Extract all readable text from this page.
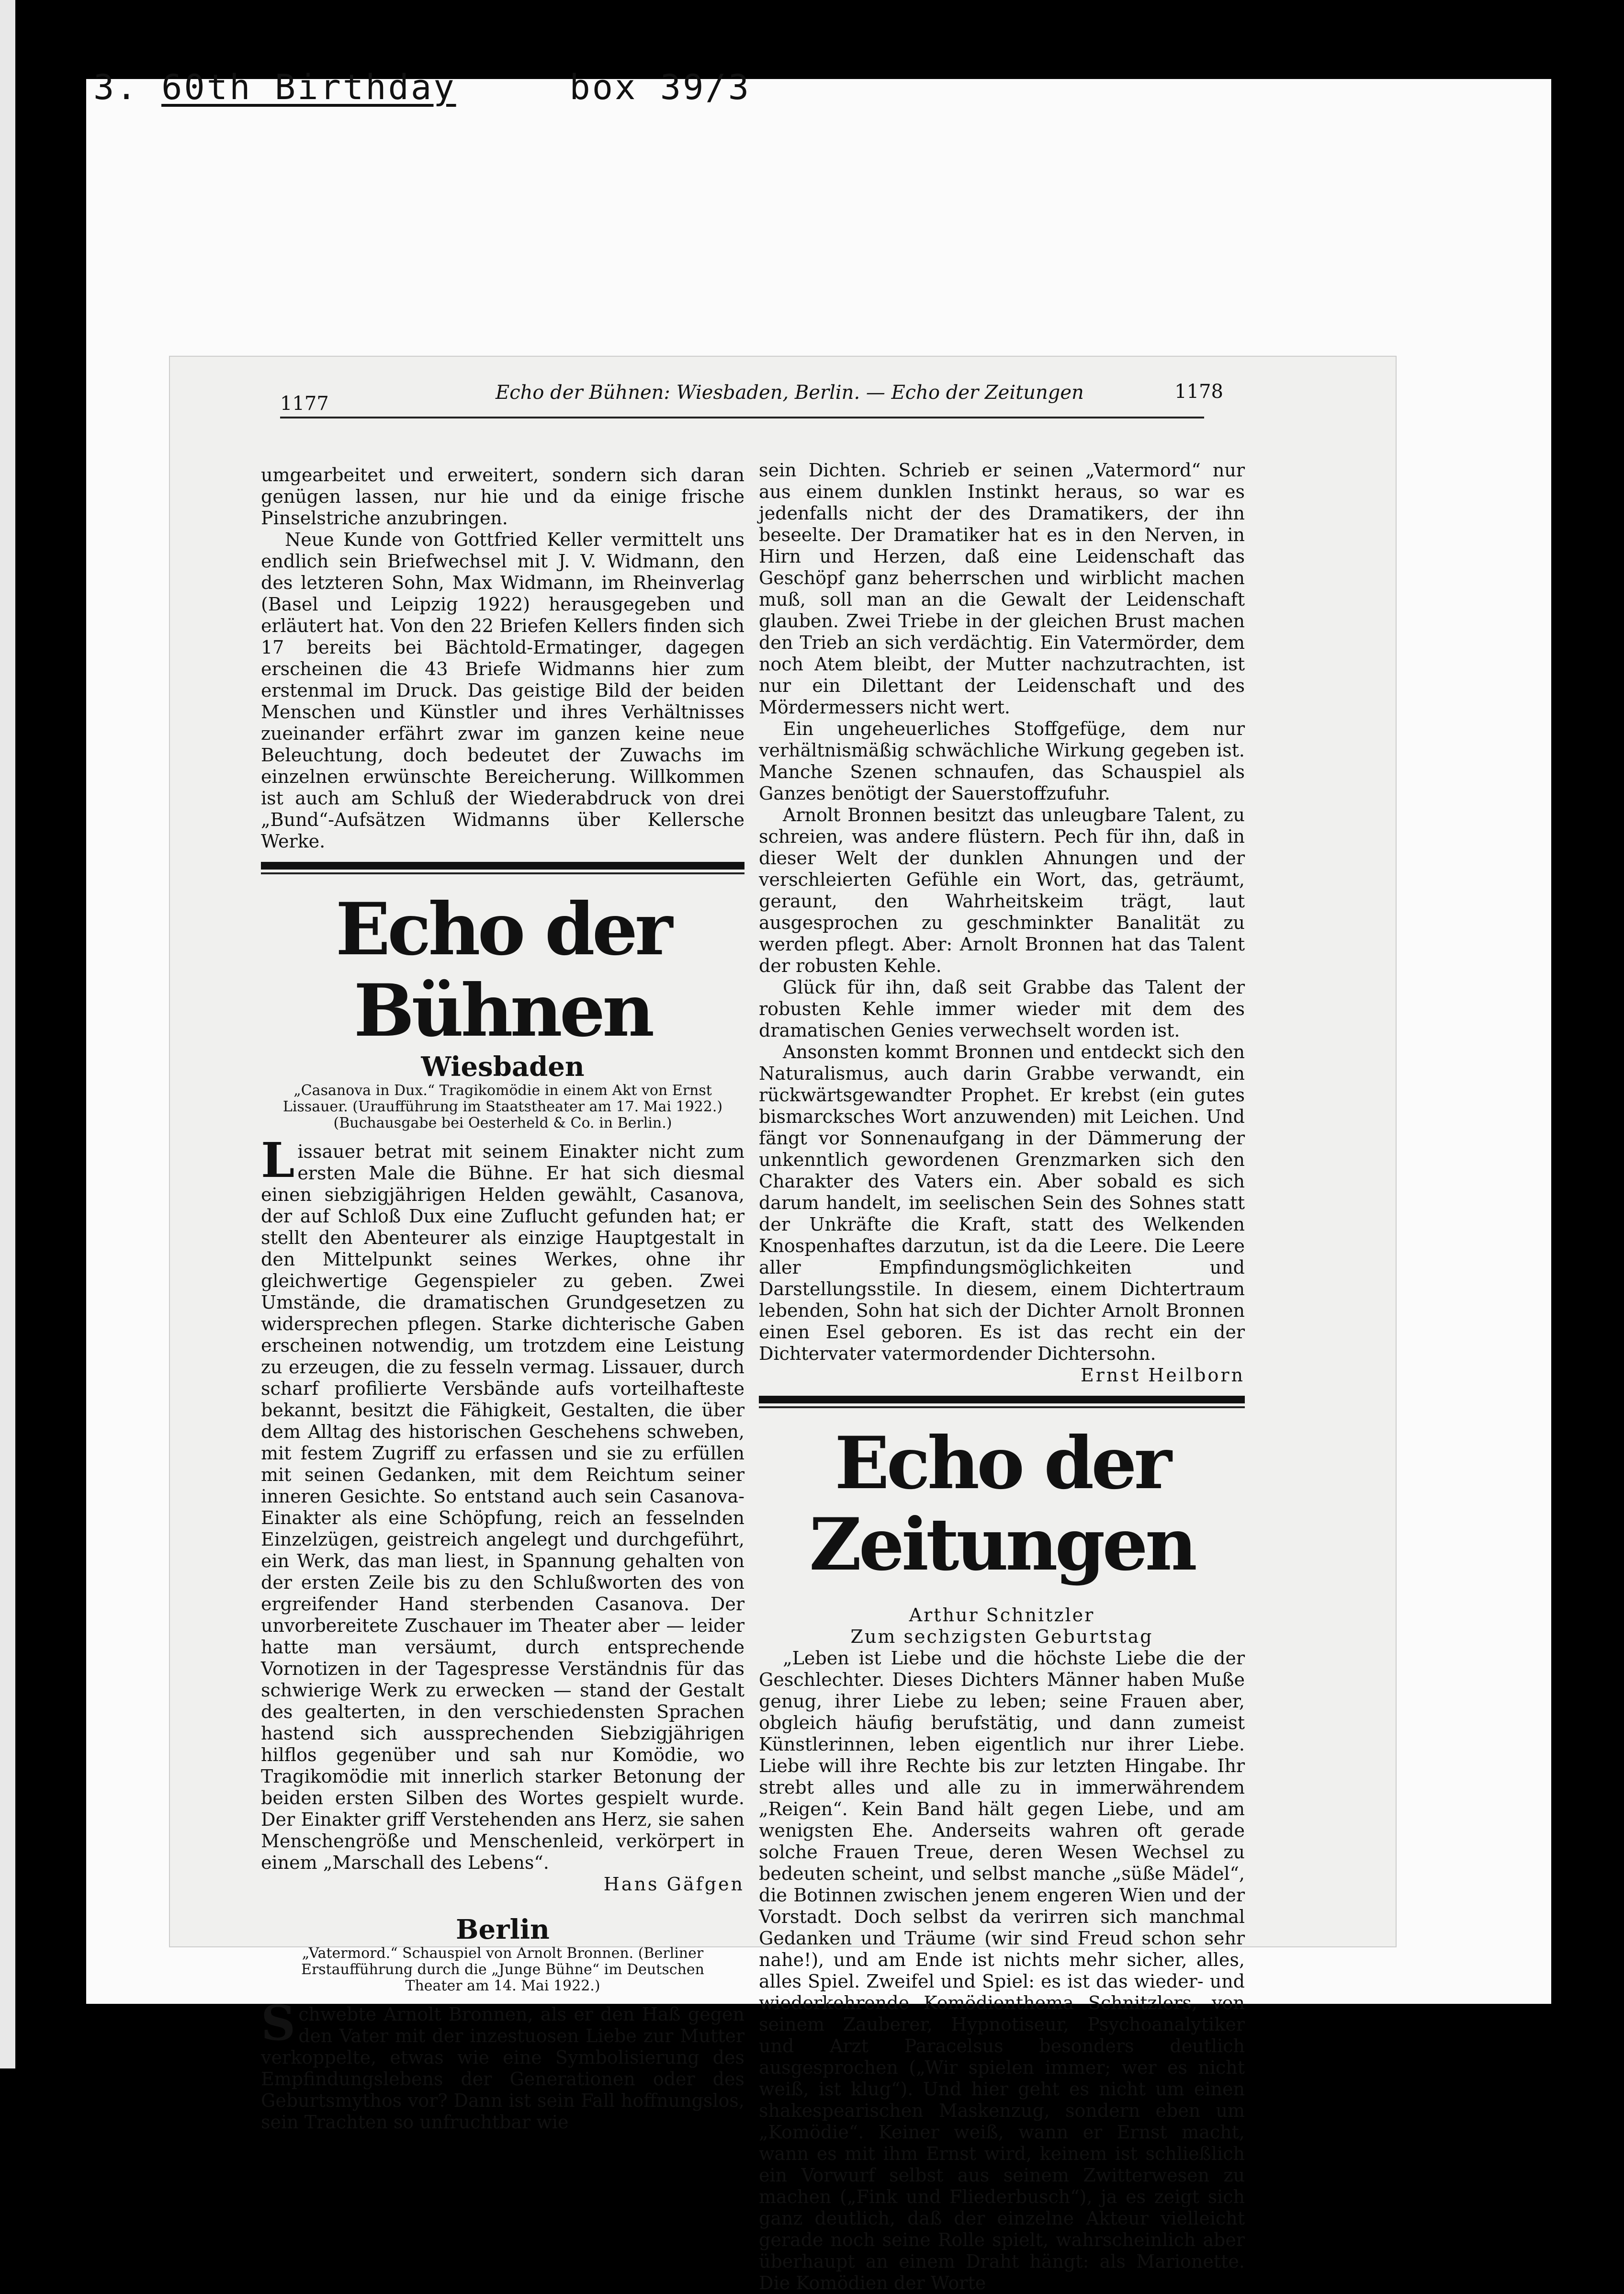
3. 60th Birthday	box 39/3
1177	Echo der Bühnen: Wiesbaden, Berlin. — Echo der Zeitungen	1178

umgearbeitet und erweitert, sondern sich daran genügen lassen, nur hie und da einige frische Pinselstriche anzubringen.

Neue Kunde von Gottfried Keller vermittelt uns endlich sein Briefwechsel mit J. V. Widmann, den des letzteren Sohn, Max Widmann, im Rheinverlag (Basel und Leipzig 1922) herausgegeben und erläutert hat. Von den 22 Briefen Kellers finden sich 17 bereits bei Bächtold-Ermatinger, dagegen erscheinen die 43 Briefe Widmanns hier zum erstenmal im Druck. Das geistige Bild der beiden Menschen und Künstler und ihres Verhältnisses zueinander erfährt zwar im ganzen keine neue Beleuchtung, doch bedeutet der Zuwachs im einzelnen erwünschte Bereicherung. Willkommen ist auch am Schluß der Wiederabdruck von drei „Bund“-Aufsätzen Widmanns über Kellersche Werke.

Echo der Bühnen
Wiesbaden
„Casanova in Dux.“ Tragikomödie in einem Akt von Ernst Lissauer. (Uraufführung im Staatstheater am 17. Mai 1922.) (Buchausgabe bei Oesterheld & Co. in Berlin.)

Lissauer betrat mit seinem Einakter nicht zum ersten Male die Bühne. Er hat sich diesmal einen siebzigjährigen Helden gewählt, Casanova, der auf Schloß Dux eine Zuflucht gefunden hat; er stellt den Abenteurer als einzige Hauptgestalt in den Mittelpunkt seines Werkes, ohne ihr gleichwertige Gegenspieler zu geben. Zwei Umstände, die dramatischen Grundgesetzen zu widersprechen pflegen. Starke dichterische Gaben erscheinen notwendig, um trotzdem eine Leistung zu erzeugen, die zu fesseln vermag. Lissauer, durch scharf profilierte Versbände aufs vorteilhafteste bekannt, besitzt die Fähigkeit, Gestalten, die über dem Alltag des historischen Geschehens schweben, mit festem Zugriff zu erfassen und sie zu erfüllen mit seinen Gedanken, mit dem Reichtum seiner inneren Gesichte. So entstand auch sein Casanova-Einakter als eine Schöpfung, reich an fesselnden Einzelzügen, geistreich angelegt und durchgeführt, ein Werk, das man liest, in Spannung gehalten von der ersten Zeile bis zu den Schlußworten des von ergreifender Hand sterbenden Casanova. Der unvorbereitete Zuschauer im Theater aber — leider hatte man versäumt, durch entsprechende Vornotizen in der Tagespresse Verständnis für das schwierige Werk zu erwecken — stand der Gestalt des gealterten, in den verschiedensten Sprachen hastend sich aussprechenden Siebzigjährigen hilflos gegenüber und sah nur Komödie, wo Tragikomödie mit innerlich starker Betonung der beiden ersten Silben des Wortes gespielt wurde. Der Einakter griff Verstehenden ans Herz, sie sahen Menschengröße und Menschenleid, verkörpert in einem „Marschall des Lebens“.

Hans Gäfgen

Berlin
„Vatermord.“ Schauspiel von Arnolt Bronnen. (Berliner Erstaufführung durch die „Junge Bühne“ im Deutschen Theater am 14. Mai 1922.)

Schwebte Arnolt Bronnen, als er den Haß gegen den Vater mit der inzestuosen Liebe zur Mutter verkoppelte, etwas wie eine Symbolisierung des Empfindungslebens der Generationen oder des Geburtsmythos vor? Dann ist sein Fall hoffnungslos, sein Trachten so unfruchtbar wie

sein Dichten. Schrieb er seinen „Vatermord“ nur aus einem dunklen Instinkt heraus, so war es jedenfalls nicht der des Dramatikers, der ihn beseelte. Der Dramatiker hat es in den Nerven, in Hirn und Herzen, daß eine Leidenschaft das Geschöpf ganz beherrschen und wirblicht machen muß, soll man an die Gewalt der Leidenschaft glauben. Zwei Triebe in der gleichen Brust machen den Trieb an sich verdächtig. Ein Vatermörder, dem noch Atem bleibt, der Mutter nachzutrachten, ist nur ein Dilettant der Leidenschaft und des Mördermessers nicht wert.

Ein ungeheuerliches Stoffgefüge, dem nur verhältnismäßig schwächliche Wirkung gegeben ist. Manche Szenen schnaufen, das Schauspiel als Ganzes benötigt der Sauerstoffzufuhr.

Arnolt Bronnen besitzt das unleugbare Talent, zu schreien, was andere flüstern. Pech für ihn, daß in dieser Welt der dunklen Ahnungen und der verschleierten Gefühle ein Wort, das, geträumt, geraunt, den Wahrheitskeim trägt, laut ausgesprochen zu geschminkter Banalität zu werden pflegt. Aber: Arnolt Bronnen hat das Talent der robusten Kehle.

Glück für ihn, daß seit Grabbe das Talent der robusten Kehle immer wieder mit dem des dramatischen Genies verwechselt worden ist.

Ansonsten kommt Bronnen und entdeckt sich den Naturalismus, auch darin Grabbe verwandt, ein rückwärtsgewandter Prophet. Er krebst (ein gutes bismarcksches Wort anzuwenden) mit Leichen. Und fängt vor Sonnenaufgang in der Dämmerung der unkenntlich gewordenen Grenzmarken sich den Charakter des Vaters ein. Aber sobald es sich darum handelt, im seelischen Sein des Sohnes statt der Unkräfte die Kraft, statt des Welkenden Knospenhaftes darzutun, ist da die Leere. Die Leere aller Empfindungsmöglichkeiten und Darstellungsstile. In diesem, einem Dichtertraum lebenden, Sohn hat sich der Dichter Arnolt Bronnen einen Esel geboren. Es ist das recht ein der Dichtervater vatermordender Dichtersohn.

Ernst Heilborn

Echo der Zeitungen

Arthur Schnitzler

Zum sechzigsten Geburtstag

„Leben ist Liebe und die höchste Liebe die der Geschlechter. Dieses Dichters Männer haben Muße genug, ihrer Liebe zu leben; seine Frauen aber, obgleich häufig berufstätig, und dann zumeist Künstlerinnen, leben eigentlich nur ihrer Liebe. Liebe will ihre Rechte bis zur letzten Hingabe. Ihr strebt alles und alle zu in immerwährendem „Reigen“. Kein Band hält gegen Liebe, und am wenigsten Ehe. Anderseits wahren oft gerade solche Frauen Treue, deren Wesen Wechsel zu bedeuten scheint, und selbst manche „süße Mädel“, die Botinnen zwischen jenem engeren Wien und der Vorstadt. Doch selbst da verirren sich manchmal Gedanken und Träume (wir sind Freud schon sehr nahe!), und am Ende ist nichts mehr sicher, alles, alles Spiel. Zweifel und Spiel: es ist das wieder- und wiederkehrende Komödienthema Schnitzlers, von seinem Zauberer, Hypnotiseur, Psychoanalytiker und Arzt Paracelsus besonders deutlich ausgesprochen („Wir spielen immer; wer es nicht weiß, ist klug“). Und hier geht es nicht um einen shakespearischen Maskenzug, sondern eben um „Komödie“. Keiner weiß, wann er Ernst macht, wann es mit ihm Ernst wird, keinem ist schließlich ein Vorwurf selbst aus seinem Zwitterwesen zu machen („Fink und Fliederbusch“), ja es zeigt sich ganz deutlich, daß der einzelne Akteur vielleicht gerade noch seine Rolle spielt, wahrscheinlich aber überhaupt an einem Draht hängt: als Marionette. Die Komödien der Worte
